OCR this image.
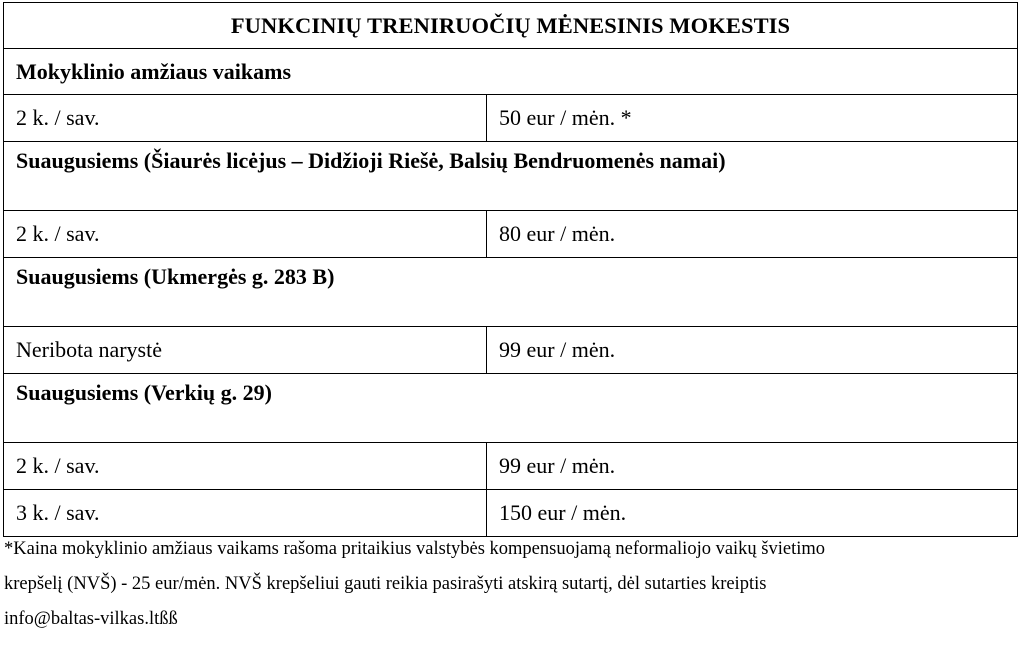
FUNKCINIŲ TRENIRUOČIŲ MĖNESINIS MOKESTIS	
Mokyklinio amžiaus vaikams	
2 k. / sav.	50 eur / mėn. *
Suaugusiems (Šiaurės licėjus – Didžioji Riešė, Balsių Bendruomenės namai)	
2 k. / sav.	80 eur / mėn.
Suaugusiems (Ukmergės g. 283 B)	
Neribota narystė	99 eur / mėn.
Suaugusiems (Verkių g. 29)	
2 k. / sav.	99 eur / mėn.
3 k. / sav.	150 eur / mėn.

*Kaina mokyklinio amžiaus vaikams rašoma pritaikius valstybės kompensuojamą neformaliojo vaikų švietimo

krepšelį (NVŠ) - 25 eur/mėn. NVŠ krepšeliui gauti reikia pasirašyti atskirą sutartį, dėl sutarties kreiptis

info@baltas-vilkas.ltßß
